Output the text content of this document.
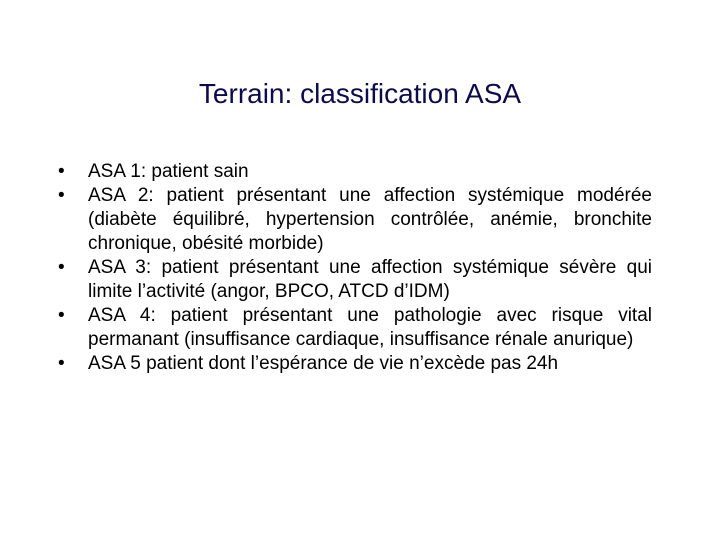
Terrain: classification ASA
•	ASA 1: patient sain
•	ASA 2: patient présentant une affection systémique modérée (diabète équilibré, hypertension contrôlée, anémie, bronchite chronique, obésité morbide)
•	ASA 3: patient présentant une affection systémique sévère qui limite l’activité (angor, BPCO, ATCD d’IDM)
•	ASA 4: patient présentant une pathologie avec risque vital permanant (insuffisance cardiaque, insuffisance rénale anurique)
•	ASA 5 patient dont l’espérance de vie n’excède pas 24h
